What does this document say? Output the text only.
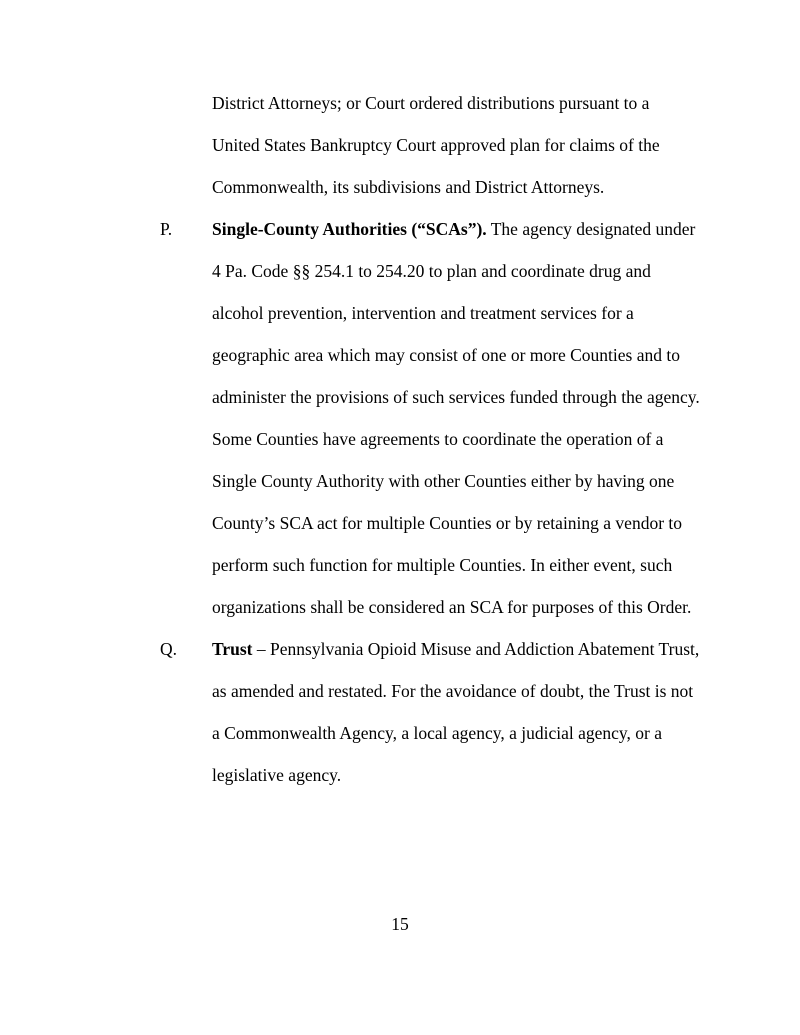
District Attorneys; or Court ordered distributions pursuant to a United States Bankruptcy Court approved plan for claims of the Commonwealth, its subdivisions and District Attorneys.
P.	Single-County Authorities (“SCAs”). The agency designated under 4 Pa. Code §§ 254.1 to 254.20 to plan and coordinate drug and alcohol prevention, intervention and treatment services for a geographic area which may consist of one or more Counties and to administer the provisions of such services funded through the agency. Some Counties have agreements to coordinate the operation of a Single County Authority with other Counties either by having one County’s SCA act for multiple Counties or by retaining a vendor to perform such function for multiple Counties. In either event, such organizations shall be considered an SCA for purposes of this Order.
Q.	Trust – Pennsylvania Opioid Misuse and Addiction Abatement Trust, as amended and restated. For the avoidance of doubt, the Trust is not a Commonwealth Agency, a local agency, a judicial agency, or a legislative agency.
15
